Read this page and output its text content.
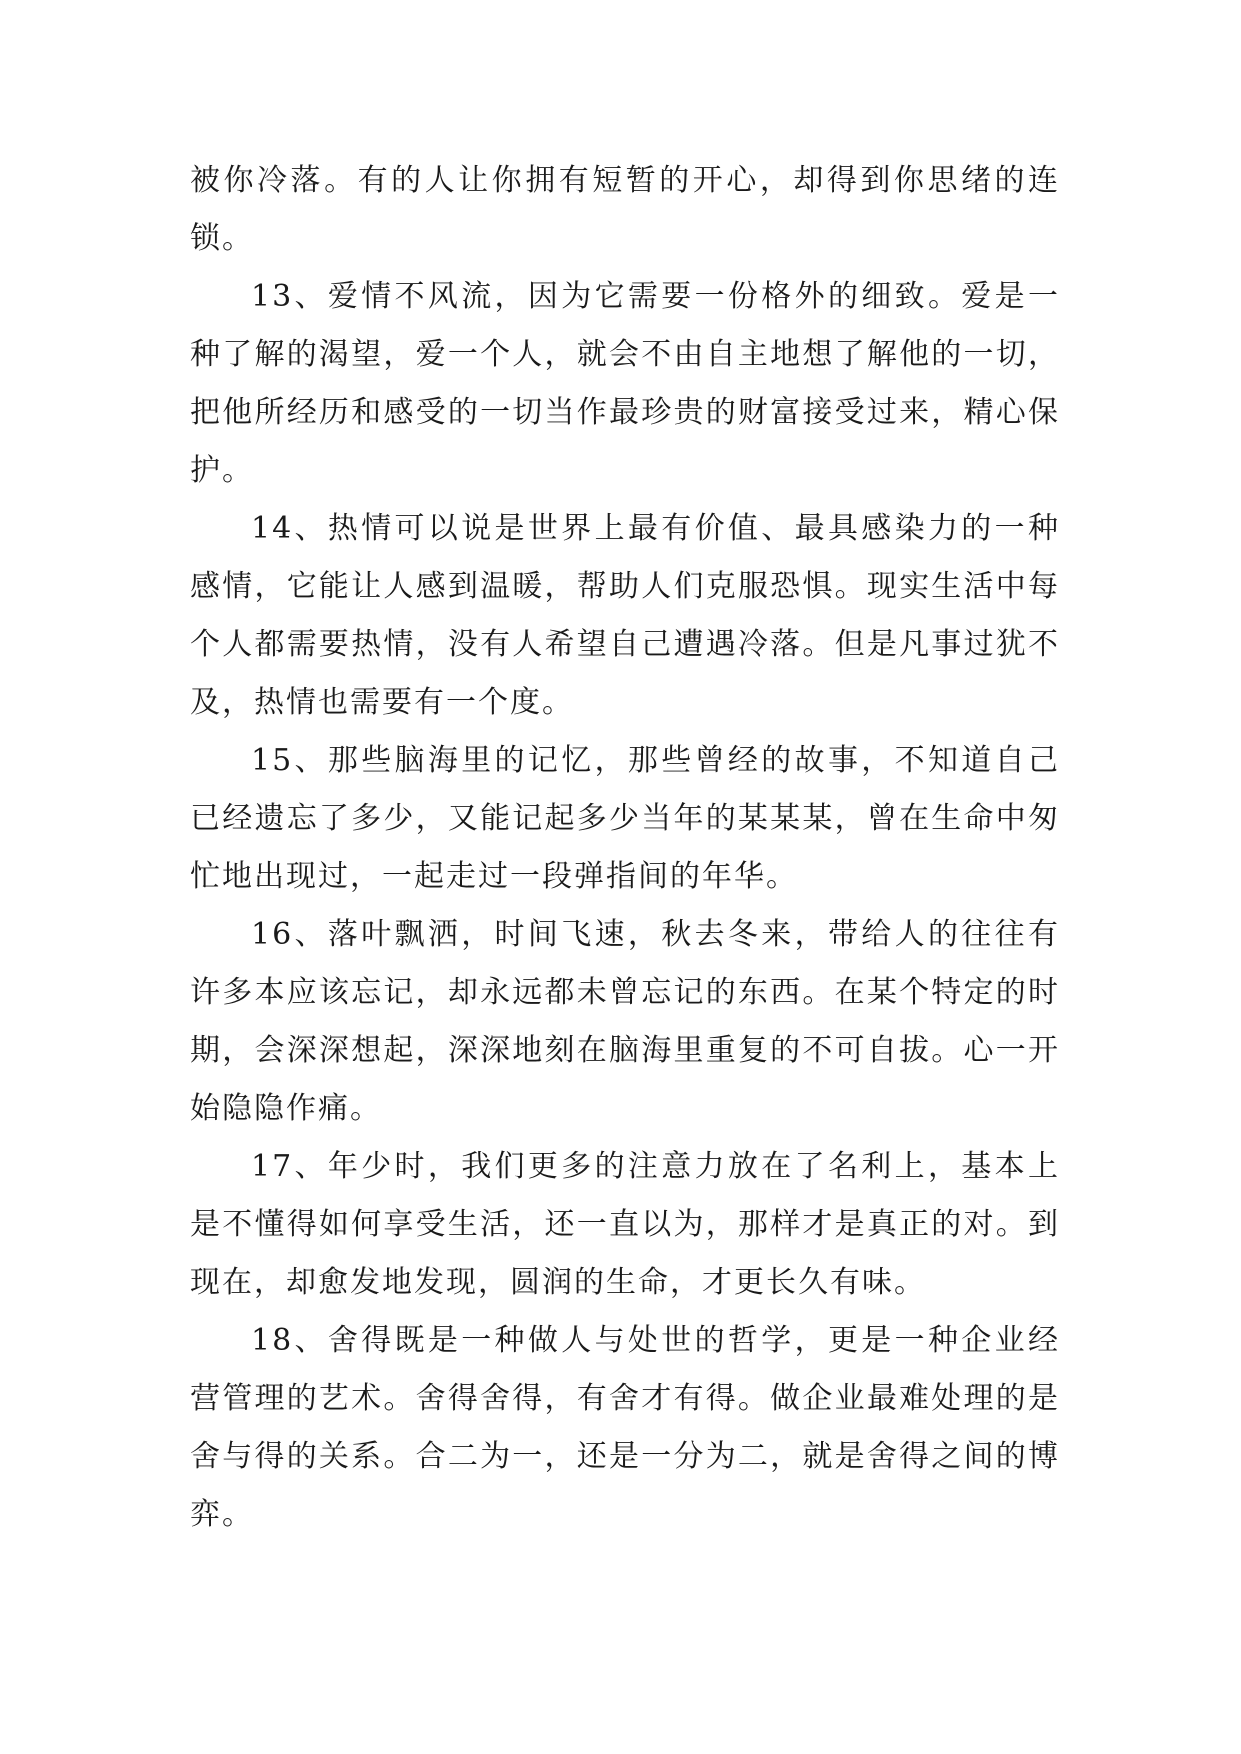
被你冷落。有的人让你拥有短暂的开心，却得到你思绪的连锁。

13、爱情不风流，因为它需要一份格外的细致。爱是一种了解的渴望，爱一个人，就会不由自主地想了解他的一切，把他所经历和感受的一切当作最珍贵的财富接受过来，精心保护。

14、热情可以说是世界上最有价值、最具感染力的一种感情，它能让人感到温暖，帮助人们克服恐惧。现实生活中每个人都需要热情，没有人希望自己遭遇冷落。但是凡事过犹不及，热情也需要有一个度。

15、那些脑海里的记忆，那些曾经的故事，不知道自己已经遗忘了多少，又能记起多少当年的某某某，曾在生命中匆忙地出现过，一起走过一段弹指间的年华。

16、落叶飘洒，时间飞速，秋去冬来，带给人的往往有许多本应该忘记，却永远都未曾忘记的东西。在某个特定的时期，会深深想起，深深地刻在脑海里重复的不可自拔。心一开始隐隐作痛。

17、年少时，我们更多的注意力放在了名利上，基本上是不懂得如何享受生活，还一直以为，那样才是真正的对。到现在，却愈发地发现，圆润的生命，才更长久有味。

18、舍得既是一种做人与处世的哲学，更是一种企业经营管理的艺术。舍得舍得，有舍才有得。做企业最难处理的是舍与得的关系。合二为一，还是一分为二，就是舍得之间的博弈。
